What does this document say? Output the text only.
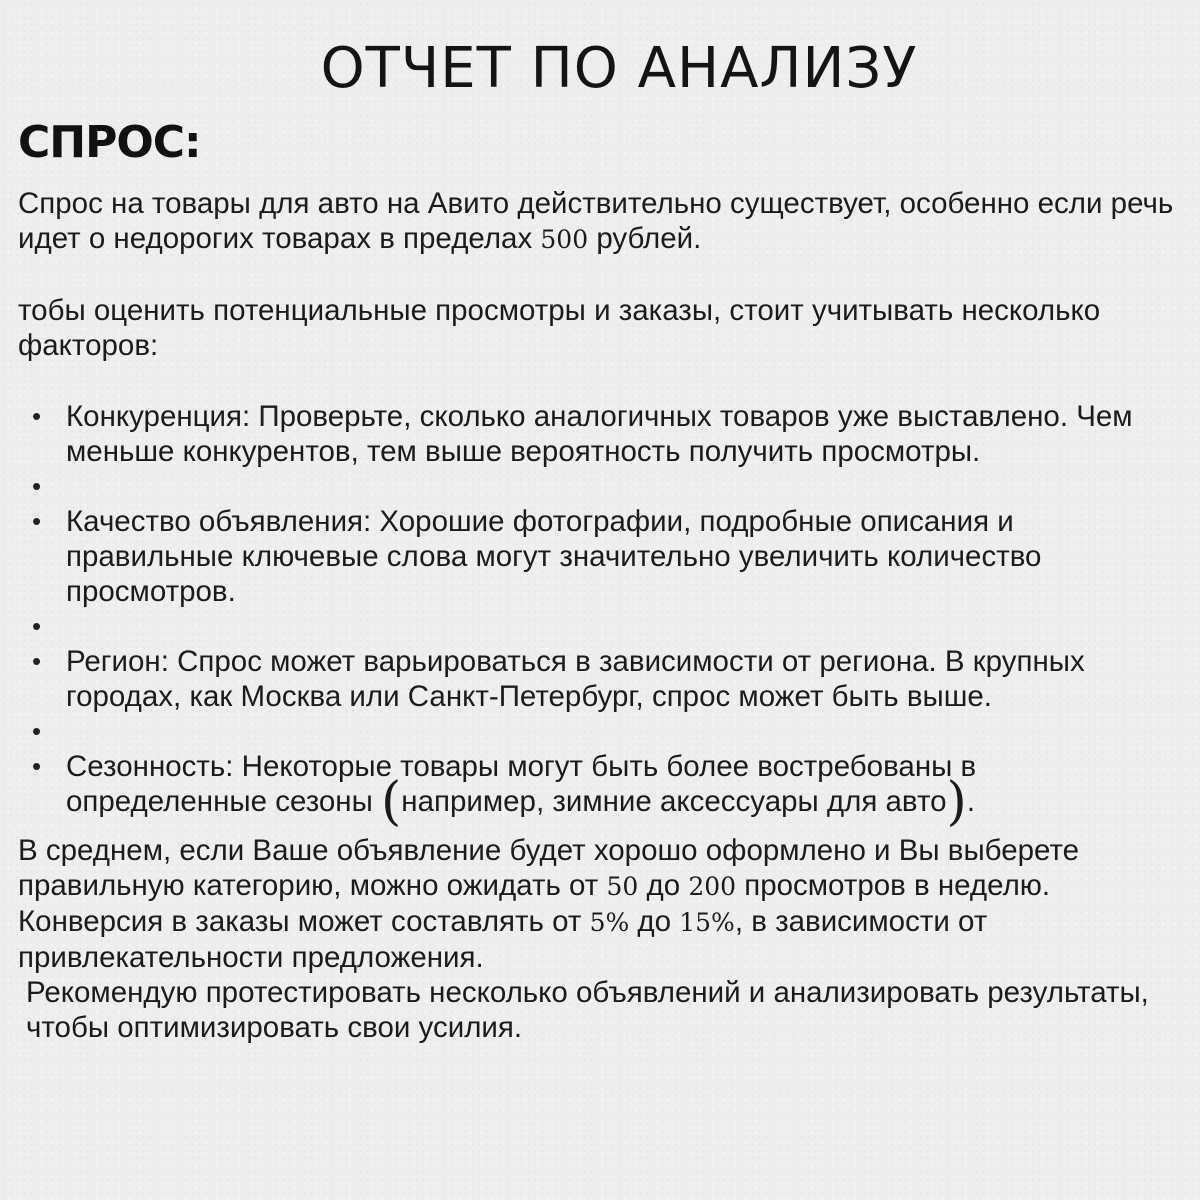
ОТЧЕТ ПО АНАЛИЗУ
СПРОС:

Спрос на товары для авто на Авито действительно существует, особенно если речь идет о недорогих товарах в пределах 500 рублей.

тобы оценить потенциальные просмотры и заказы, стоит учитывать несколько факторов:

• Конкуренция: Проверьте, сколько аналогичных товаров уже выставлено. Чем меньше конкурентов, тем выше вероятность получить просмотры.
•
• Качество объявления: Хорошие фотографии, подробные описания и правильные ключевые слова могут значительно увеличить количество просмотров.
•
• Регион: Спрос может варьироваться в зависимости от региона. В крупных городах, как Москва или Санкт-Петербург, спрос может быть выше.
•
• Сезонность: Некоторые товары могут быть более востребованы в определенные сезоны (например, зимние аксессуары для авто).

В среднем, если Ваше объявление будет хорошо оформлено и Вы выберете правильную категорию, можно ожидать от 50 до 200 просмотров в неделю. Конверсия в заказы может составлять от 5% до 15%, в зависимости от привлекательности предложения.

Рекомендую протестировать несколько объявлений и анализировать результаты, чтобы оптимизировать свои усилия.
